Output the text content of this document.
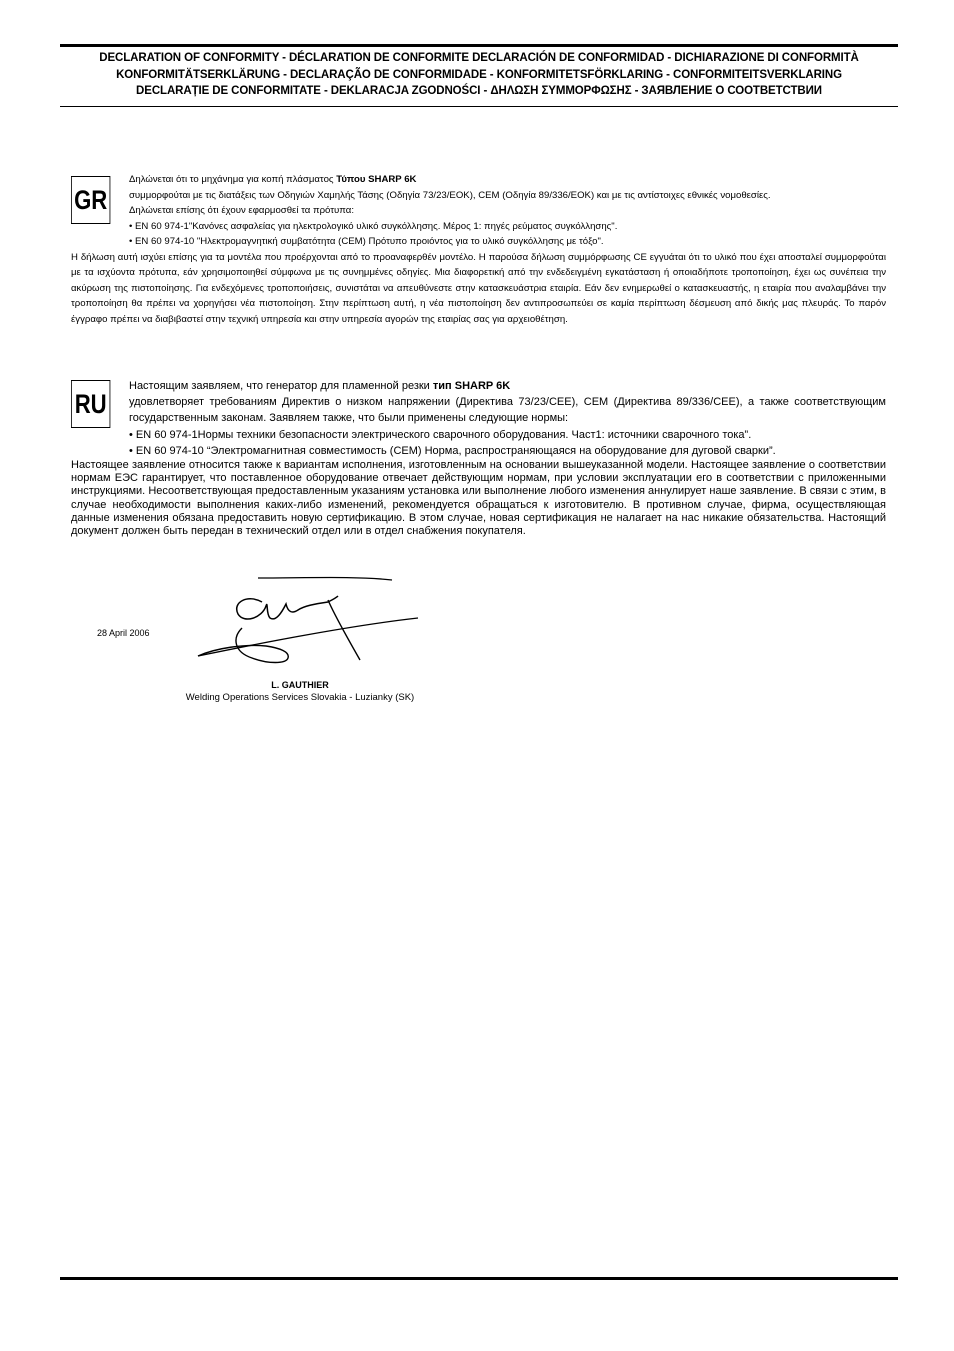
DECLARATION OF CONFORMITY - DÉCLARATION DE CONFORMITE DECLARACIÓN DE CONFORMIDAD - DICHIARAZIONE DI CONFORMITÀ
KONFORMITÄTSERKLÄRUNG - DECLARAÇÃO DE CONFORMIDADE - KONFORMITETSFÖRKLARING - CONFORMITEITSVERKLARING
DECLARAȚIE DE CONFORMITATE - DEKLARACJA ZGODNOŚCI - ΔΗΛΩΣΗ ΣΥΜΜΟΡΦΩΣΗΣ - ЗАЯВЛЕНИЕ О СООТВЕТСТВИИ
GR
Δηλώνεται ότι το μηχάνημα για κοπή πλάσματος Τύπου SHARP 6K
συμμορφούται με τις διατάξεις των Οδηγιών Χαμηλής Τάσης (Οδηγία 73/23/ΕΟΚ), CEM (Οδηγία 89/336/ΕΟΚ) και με τις αντίστοιχες εθνικές νομοθεσίες.
Δηλώνεται επίσης ότι έχουν εφαρμοσθεί τα πρότυπα:
• EN 60 974-1"Κανόνες ασφαλείας για ηλεκτρολογικό υλικό συγκόλλησης. Μέρος 1: πηγές ρεύματος συγκόλλησης".
• EN 60 974-10 "Ηλεκτρομαγνητική συμβατότητα (CEM) Πρότυπο προιόντος για το υλικό συγκόλλησης με τόξο".
Η δήλωση αυτή ισχύει επίσης για τα μοντέλα που προέρχονται από το προαναφερθέν μοντέλο. Η παρούσα δήλωση συμμόρφωσης CE εγγυάται ότι το υλικό που έχει αποσταλεί συμμορφούται με τα ισχύοντα πρότυπα, εάν χρησιμοποιηθεί σύμφωνα με τις συνημμένες οδηγίες. Μια διαφορετική από την ενδεδειγμένη εγκατάσταση ή οποιαδήποτε τροποποίηση, έχει ως συνέπεια την ακύρωση της πιστοποίησης. Για ενδεχόμενες τροποποιήσεις, συνιστάται να απευθύνεστε στην κατασκευάστρια εταιρία. Εάν δεν ενημερωθεί ο κατασκευαστής, η εταιρία που αναλαμβάνει την τροποποίηση θα πρέπει να χορηγήσει νέα πιστοποίηση. Στην περίπτωση αυτή, η νέα πιστοποίηση δεν αντιπροσωπεύει σε καμία περίπτωση δέσμευση από δικής μας πλευράς. Το παρόν έγγραφο πρέπει να διαβιβαστεί στην τεχνική υπηρεσία και στην υπηρεσία αγορών της εταιρίας σας για αρχειοθέτηση.
RU
Настоящим заявляем, что генератор для пламенной резки тип SHARP 6K
удовлетворяет требованиям Директив о низком напряжении (Директива 73/23/CEE), CEM (Директива 89/336/CEE), а также соответствующим государственным законам. Заявляем также, что были применены следующие нормы:
• EN 60 974-1Нормы техники безопасности электрического сварочного оборудования. Част1: источники сварочного тока”.
• EN 60 974-10 “Электромагнитная совместимость (CEM) Норма, распространяющаяся на оборудование для дуговой сварки”.
Настоящее заявление относится также к вариантам исполнения, изготовленным на основании вышеуказанной модели. Настоящее заявление о соответствии нормам ЕЭС гарантирует, что поставленное оборудование отвечает действующим нормам, при условии эксплуатации его в соответствии с приложенными инструкциями. Несоответствующая предоставленным указаниям установка или выполнение любого изменения аннулирует наше заявление. В связи с этим, в случае необходимости выполнения каких-либо изменений, рекомендуется обращаться к изготовителю. В противном случае, фирма, осуществляющая данные изменения обязана предоставить новую сертификацию. В этом случае, новая сертификация не налагает на нас никакие обязательства. Настоящий документ должен быть передан в технический отдел или в отдел снабжения покупателя.
28 April 2006
L. GAUTHIER
Welding Operations Services Slovakia - Luzianky (SK)
